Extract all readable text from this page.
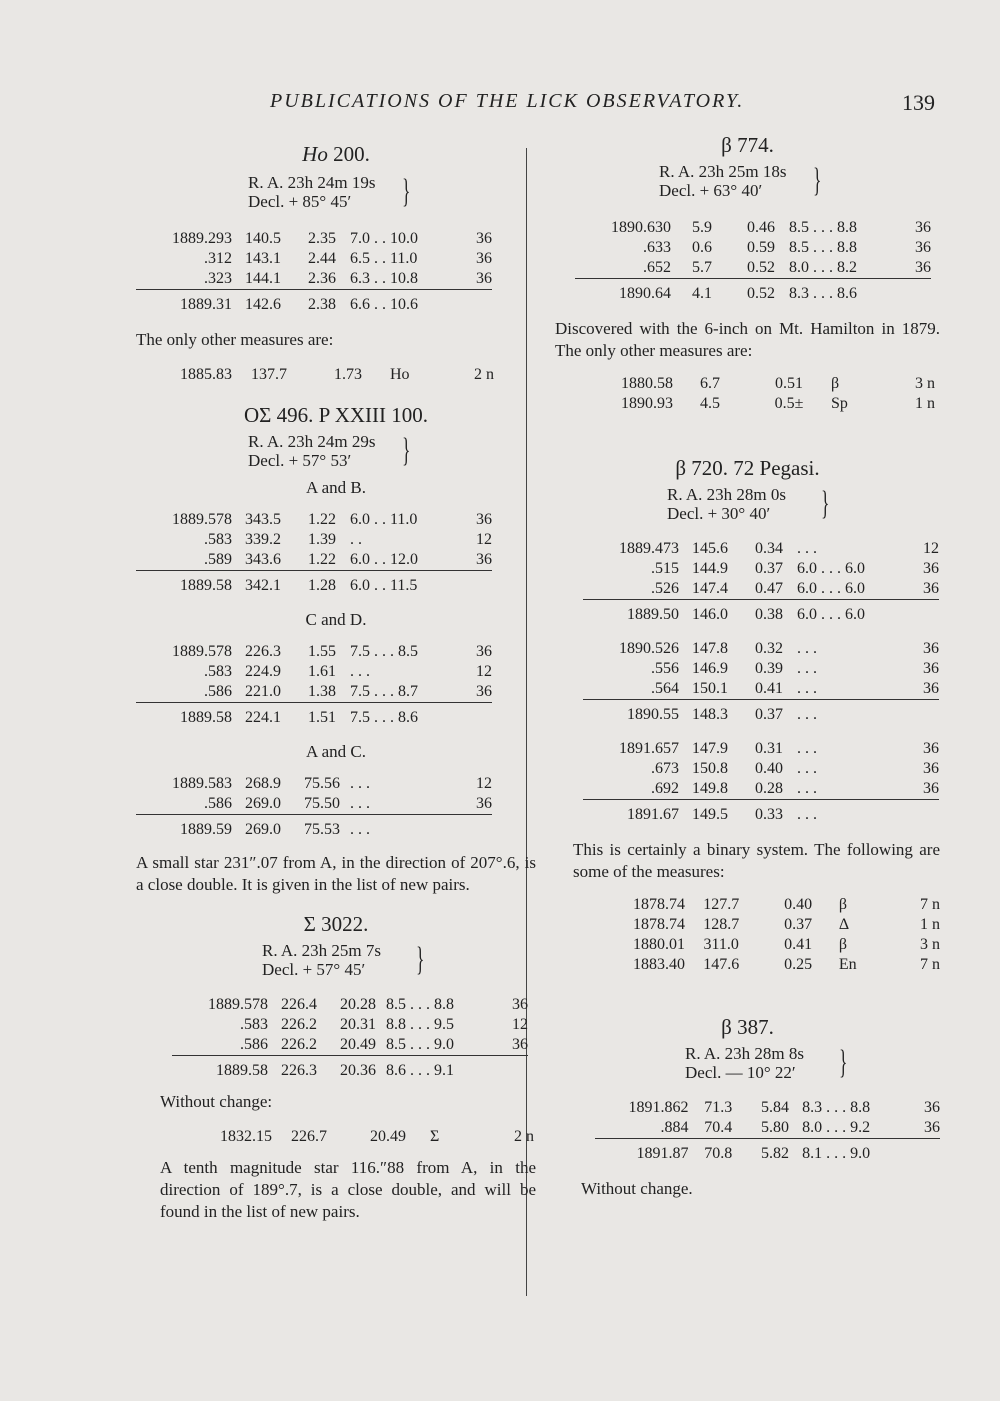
PUBLICATIONS OF THE LICK OBSERVATORY.	139

Ho 200.

R. A. 23h 24m 19s
Decl. + 85° 45′	}
1889.293	140.5	2.35	7.0 . . 10.0	36
.312	143.1	2.44	6.5 . . 11.0	36
.323	144.1	2.36	6.3 . . 10.8	36
1889.31	142.6	2.38	6.6 . . 10.6	
The only other measures are:
1885.83	137.7	1.73	Ho	2 n

OΣ 496. P XXIII 100.

R. A. 23h 24m 29s
Decl. + 57° 53′	}
A and B.
1889.578	343.5	1.22	6.0 . . 11.0	36
.583	339.2	1.39	. .	12
.589	343.6	1.22	6.0 . . 12.0	36
1889.58	342.1	1.28	6.0 . . 11.5	
C and D.
1889.578	226.3	1.55	7.5 . . . 8.5	36
.583	224.9	1.61	. . .	12
.586	221.0	1.38	7.5 . . . 8.7	36
1889.58	224.1	1.51	7.5 . . . 8.6	
A and C.
1889.583	268.9	75.56	. . .	12
.586	269.0	75.50	. . .	36
1889.59	269.0	75.53	. . .	
A small star 231″.07 from A, in the direction of 207°.6, is a close double. It is given in the list of new pairs.

Σ 3022.

R. A. 23h 25m 7s
Decl. + 57° 45′	}
1889.578	226.4	20.28	8.5 . . . 8.8	36
.583	226.2	20.31	8.8 . . . 9.5	12
.586	226.2	20.49	8.5 . . . 9.0	36
1889.58	226.3	20.36	8.6 . . . 9.1	
Without change:
1832.15	226.7	20.49	Σ	2 n
A tenth magnitude star 116.″88 from A, in the direction of 189°.7, is a close double, and will be found in the list of new pairs.

β 774.

R. A. 23h 25m 18s
Decl. + 63° 40′	}
1890.630	5.9	0.46	8.5 . . . 8.8	36
.633	0.6	0.59	8.5 . . . 8.8	36
.652	5.7	0.52	8.0 . . . 8.2	36
1890.64	4.1	0.52	8.3 . . . 8.6	
Discovered with the 6-inch on Mt. Hamilton in 1879. The only other measures are:
1880.58	6.7	0.51	β	3 n
1890.93	4.5	0.5±	Sp	1 n

β 720. 72 Pegasi.

R. A. 23h 28m 0s
Decl. + 30° 40′	}
1889.473	145.6	0.34	. . .	12
.515	144.9	0.37	6.0 . . . 6.0	36
.526	147.4	0.47	6.0 . . . 6.0	36
1889.50	146.0	0.38	6.0 . . . 6.0	
1890.526	147.8	0.32	. . .	36
.556	146.9	0.39	. . .	36
.564	150.1	0.41	. . .	36
1890.55	148.3	0.37	. . .	
1891.657	147.9	0.31	. . .	36
.673	150.8	0.40	. . .	36
.692	149.8	0.28	. . .	36
1891.67	149.5	0.33	. . .	
This is certainly a binary system. The following are some of the measures:
1878.74	127.7	0.40	β	7 n
1878.74	128.7	0.37	Δ	1 n
1880.01	311.0	0.41	β	3 n
1883.40	147.6	0.25	En	7 n

β 387.

R. A. 23h 28m 8s
Decl. — 10° 22′	}
1891.862	71.3	5.84	8.3 . . . 8.8	36
.884	70.4	5.80	8.0 . . . 9.2	36
1891.87	70.8	5.82	8.1 . . . 9.0	
Without change.
